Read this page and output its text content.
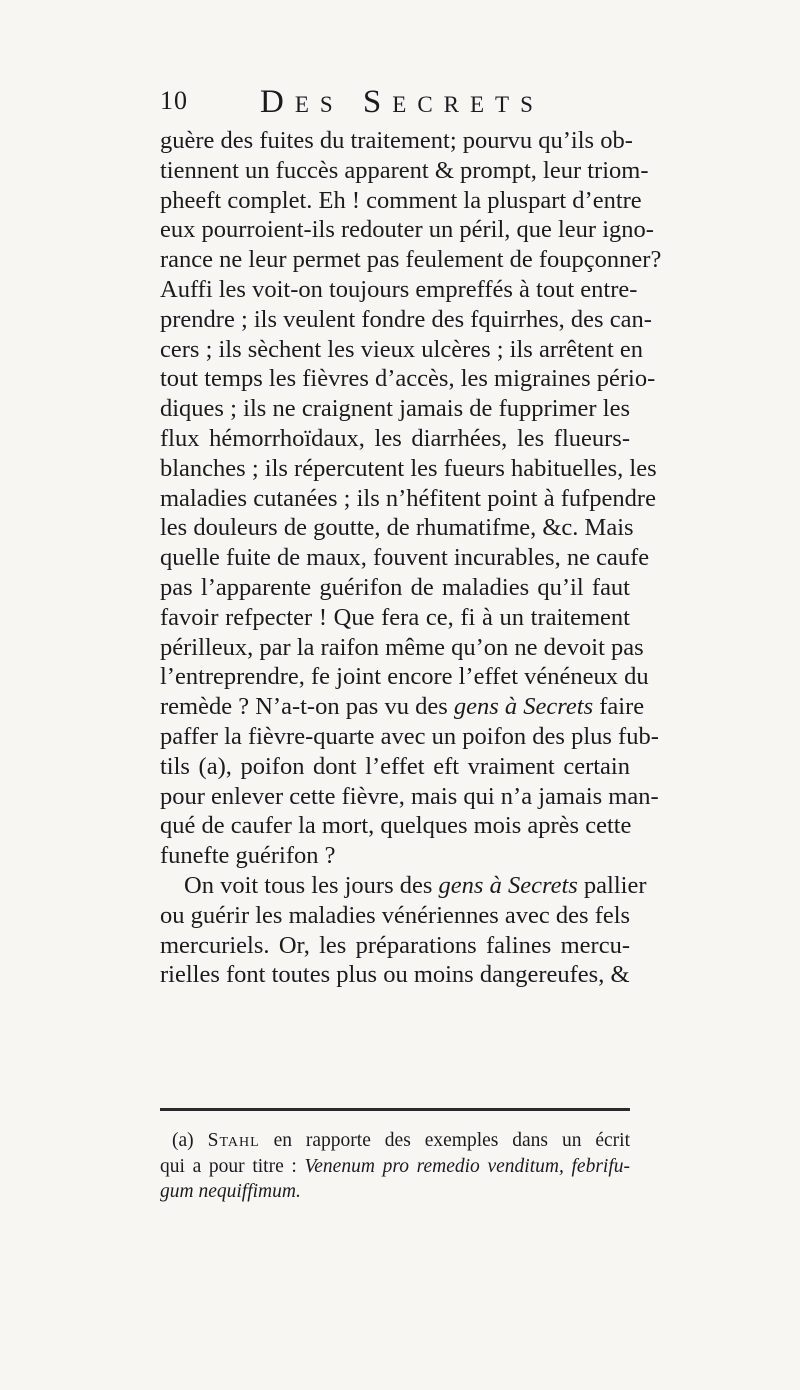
10 Des Secrets
guère des fuites du traitement; pourvu qu’ils ob-
tiennent un fuccès apparent & prompt, leur triom-
pheeft complet. Eh ! comment la pluspart d’entre
eux pourroient-ils redouter un péril, que leur igno-
rance ne leur permet pas feulement de foupçonner?
Auffi les voit-on toujours empreffés à tout entre-
prendre ; ils veulent fondre des fquirrhes, des can-
cers ; ils sèchent les vieux ulcères ; ils arrêtent en
tout temps les fièvres d’accès, les migraines pério-
diques ; ils ne craignent jamais de fupprimer les
flux hémorrhoïdaux, les diarrhées, les flueurs-
blanches ; ils répercutent les fueurs habituelles, les
maladies cutanées ; ils n’héfitent point à fufpendre
les douleurs de goutte, de rhumatifme, &c. Mais
quelle fuite de maux, fouvent incurables, ne caufe
pas l’apparente guérifon de maladies qu’il faut
favoir refpecter ! Que fera ce, fi à un traitement
périlleux, par la raifon même qu’on ne devoit pas
l’entreprendre, fe joint encore l’effet vénéneux du
remède ? N’a-t-on pas vu des gens à Secrets faire
paffer la fièvre-quarte avec un poifon des plus fub-
tils (a), poifon dont l’effet eft vraiment certain
pour enlever cette fièvre, mais qui n’a jamais man-
qué de caufer la mort, quelques mois après cette
funefte guérifon ?
On voit tous les jours des gens à Secrets pallier
ou guérir les maladies vénériennes avec des fels
mercuriels. Or, les préparations falines mercu-
rielles font toutes plus ou moins dangereufes, &
(a) Stahl en rapporte des exemples dans un écrit
qui a pour titre : Venenum pro remedio venditum, febrifu-
gum nequiffimum.
